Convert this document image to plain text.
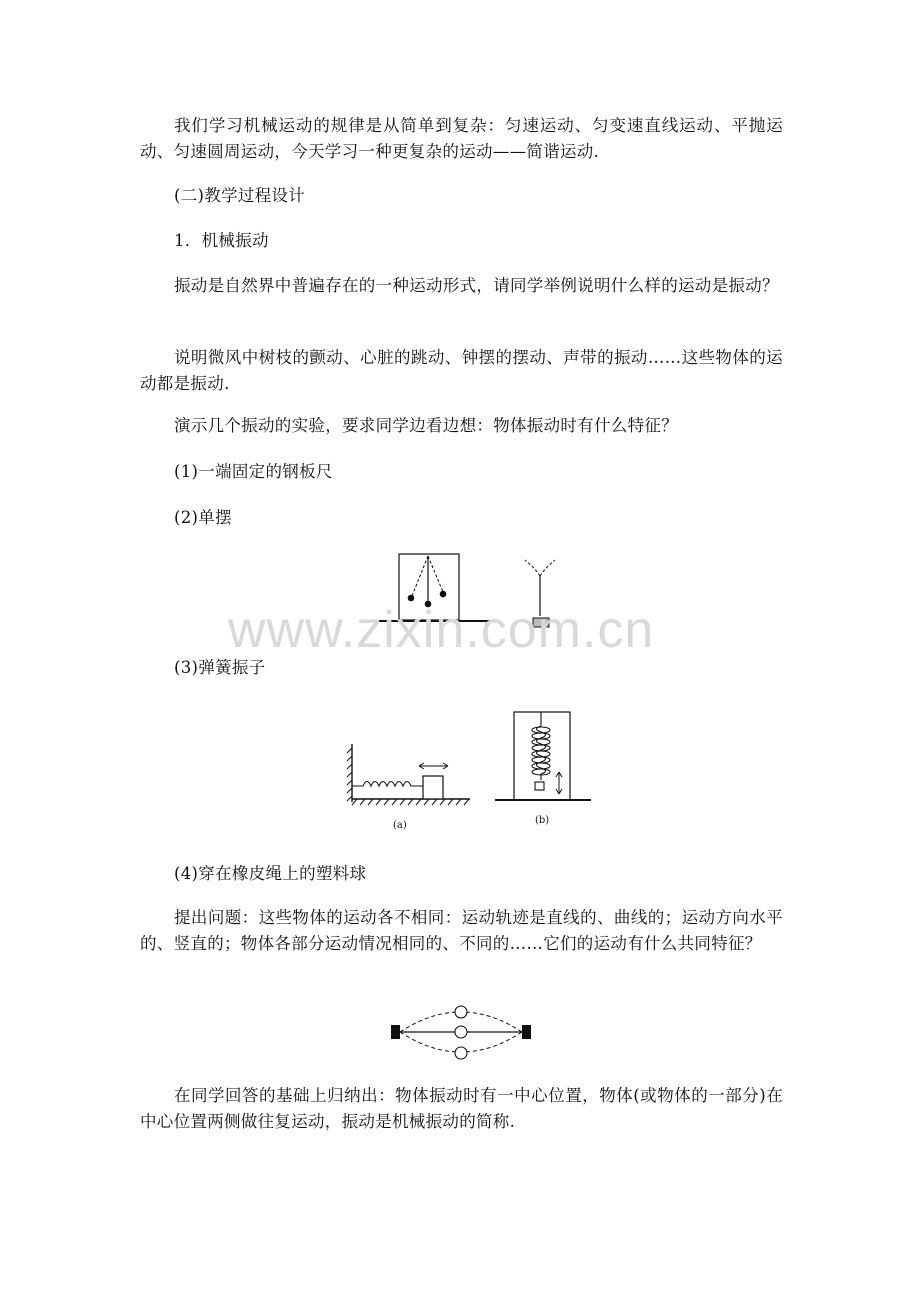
我们学习机械运动的规律是从简单到复杂：匀速运动、匀变速直线运动、平抛运动、匀速圆周运动，今天学习一种更复杂的运动——简谐运动.

(二)教学过程设计

1．机械振动

振动是自然界中普遍存在的一种运动形式，请同学举例说明什么样的运动是振动？

说明微风中树枝的颤动、心脏的跳动、钟摆的摆动、声带的振动……这些物体的运动都是振动.

演示几个振动的实验，要求同学边看边想：物体振动时有什么特征？

(1)一端固定的钢板尺

(2)单摆

www.zixin.com.cn

(3)弹簧振子

(a)	(b)

(4)穿在橡皮绳上的塑料球

提出问题：这些物体的运动各不相同：运动轨迹是直线的、曲线的；运动方向水平的、竖直的；物体各部分运动情况相同的、不同的……它们的运动有什么共同特征？

在同学回答的基础上归纳出：物体振动时有一中心位置，物体(或物体的一部分)在中心位置两侧做往复运动，振动是机械振动的简称.
